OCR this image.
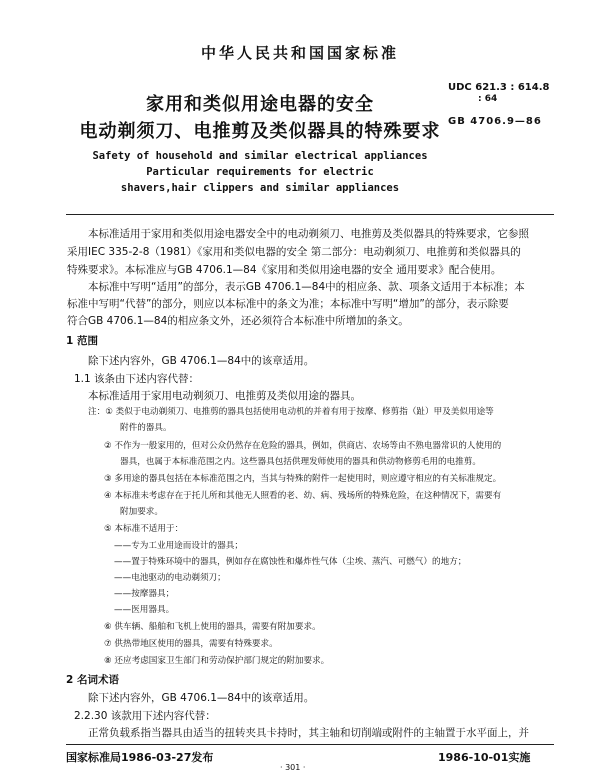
中华人民共和国国家标准
家用和类似用途电器的安全
电动剃须刀、电推剪及类似器具的特殊要求
UDC 621.3 : 614.8
: 64
GB 4706.9—86
Safety of household and similar electrical appliances
Particular requirements for electric
shavers,hair clippers and similar appliances
本标准适用于家用和类似用途电器安全中的电动剃须刀、电推剪及类似器具的特殊要求，它参照
采用IEC 335-2-8（1981）《家用和类似电器的安全 第二部分：电动剃须刀、电推剪和类似器具的
特殊要求》。本标准应与GB 4706.1—84《家用和类似用途电器的安全 通用要求》配合使用。
本标准中写明“适用”的部分，表示GB 4706.1—84中的相应条、款、项条文适用于本标准；本
标准中写明“代替”的部分，则应以本标准中的条文为准；本标准中写明“增加”的部分，表示除要
符合GB 4706.1—84的相应条文外，还必须符合本标准中所增加的条文。
1 范围
除下述内容外，GB 4706.1—84中的该章适用。
1.1 该条由下述内容代替：
本标准适用于家用电动剃须刀、电推剪及类似用途的器具。
注：① 类似于电动剃须刀、电推剪的器具包括使用电动机的并着有用于按摩、修剪指（趾）甲及美似用途等
附件的器具。
② 不作为一般家用的，但对公众仍然存在危险的器具，例如，供商店、农场等由不熟电器常识的人使用的
器具，也属于本标准范围之内。这些器具包括供理发师使用的器具和供动物修剪毛用的电推剪。
③ 多用途的器具包括在本标准范围之内，当其与特殊的附件一起使用时，则应遵守相应的有关标准规定。
④ 本标准未考虑存在于托儿所和其他无人照看的老、幼、病、残场所的特殊危险，在这种情况下，需要有
附加要求。
⑤ 本标准不适用于：
——专为工业用途而设计的器具；
——置于特殊环境中的器具，例如存在腐蚀性和爆炸性气体（尘埃、蒸汽、可燃气）的地方；
——电池驱动的电动剃须刀；
——按摩器具；
——医用器具。
⑥ 供车辆、船舶和飞机上使用的器具，需要有附加要求。
⑦ 供热带地区使用的器具，需要有特殊要求。
⑧ 还应考虑国家卫生部门和劳动保护部门规定的附加要求。
2 名词术语
除下述内容外，GB 4706.1—84中的该章适用。
2.2.30 该款用下述内容代替：
正常负载系指当器具由适当的扭转夹具卡持时，其主轴和切削端或附件的主轴置于水平面上，并
国家标准局1986-03-27发布	1986-10-01实施
· 301 ·
